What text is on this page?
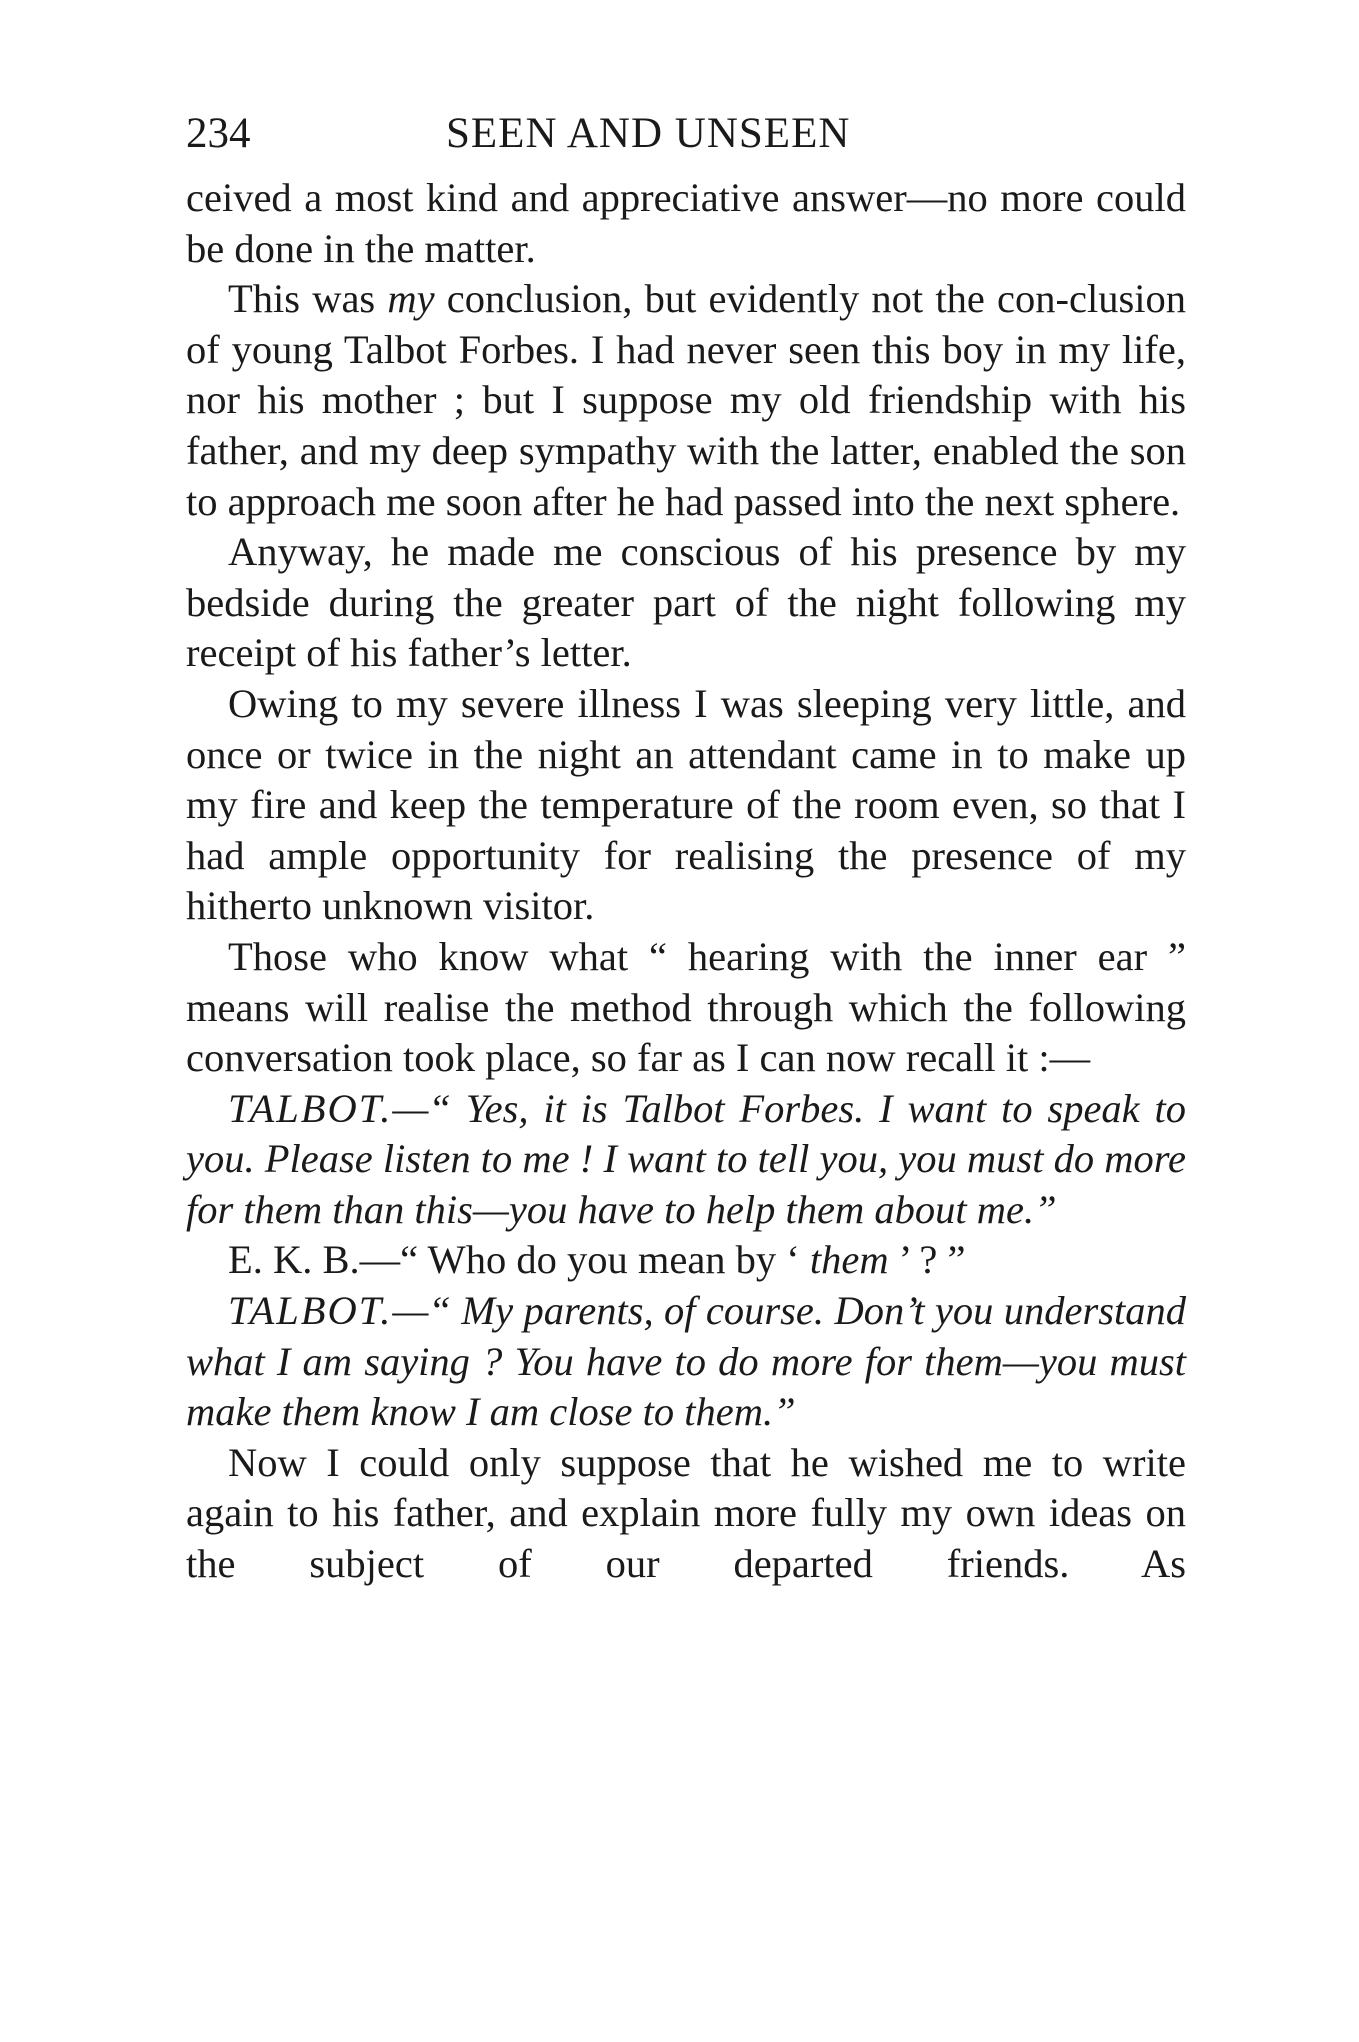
234	SEEN AND UNSEEN

ceived a most kind and appreciative answer—no more could be done in the matter.

This was my conclusion, but evidently not the con-clusion of young Talbot Forbes. I had never seen this boy in my life, nor his mother ; but I suppose my old friendship with his father, and my deep sympathy with the latter, enabled the son to approach me soon after he had passed into the next sphere.

Anyway, he made me conscious of his presence by my bedside during the greater part of the night following my receipt of his father’s letter.

Owing to my severe illness I was sleeping very little, and once or twice in the night an attendant came in to make up my fire and keep the temperature of the room even, so that I had ample opportunity for realising the presence of my hitherto unknown visitor.

Those who know what “ hearing with the inner ear ” means will realise the method through which the following conversation took place, so far as I can now recall it :—

TALBOT.—“ Yes, it is Talbot Forbes. I want to speak to you. Please listen to me ! I want to tell you, you must do more for them than this—you have to help them about me.”

E. K. B.—“ Who do you mean by ‘ them ’ ? ”

TALBOT.—“ My parents, of course. Don’t you understand what I am saying ? You have to do more for them—you must make them know I am close to them.”

Now I could only suppose that he wished me to write again to his father, and explain more fully my own ideas on the subject of our departed friends. As
